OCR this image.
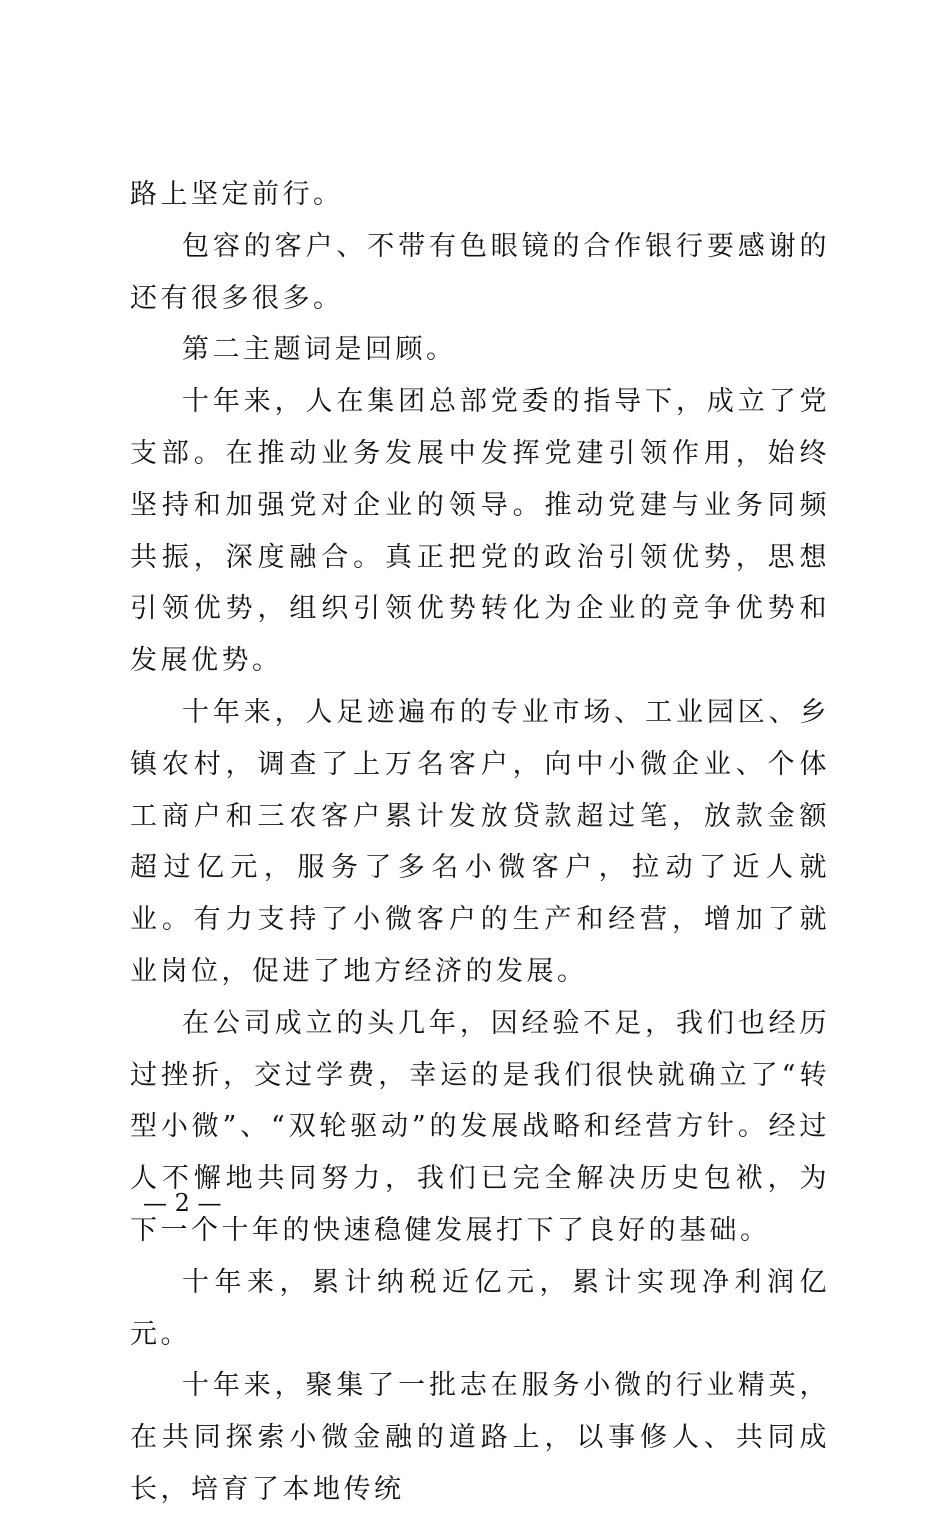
路上坚定前行。

包容的客户、不带有色眼镜的合作银行要感谢的还有很多很多。

第二主题词是回顾。

十年来，人在集团总部党委的指导下，成立了党支部。在推动业务发展中发挥党建引领作用，始终坚持和加强党对企业的领导。推动党建与业务同频共振，深度融合。真正把党的政治引领优势，思想引领优势，组织引领优势转化为企业的竞争优势和发展优势。

十年来，人足迹遍布的专业市场、工业园区、乡镇农村，调查了上万名客户，向中小微企业、个体工商户和三农客户累计发放贷款超过笔，放款金额超过亿元，服务了多名小微客户，拉动了近人就业。有力支持了小微客户的生产和经营，增加了就业岗位，促进了地方经济的发展。

在公司成立的头几年，因经验不足，我们也经历过挫折，交过学费，幸运的是我们很快就确立了“转型小微”、“双轮驱动”的发展战略和经营方针。经过人不懈地共同努力，我们已完全解决历史包袱，为下一个十年的快速稳健发展打下了良好的基础。

十年来，累计纳税近亿元，累计实现净利润亿元。

十年来，聚集了一批志在服务小微的行业精英，在共同探索小微金融的道路上，以事修人、共同成长，培育了本地传统

— 2 —
